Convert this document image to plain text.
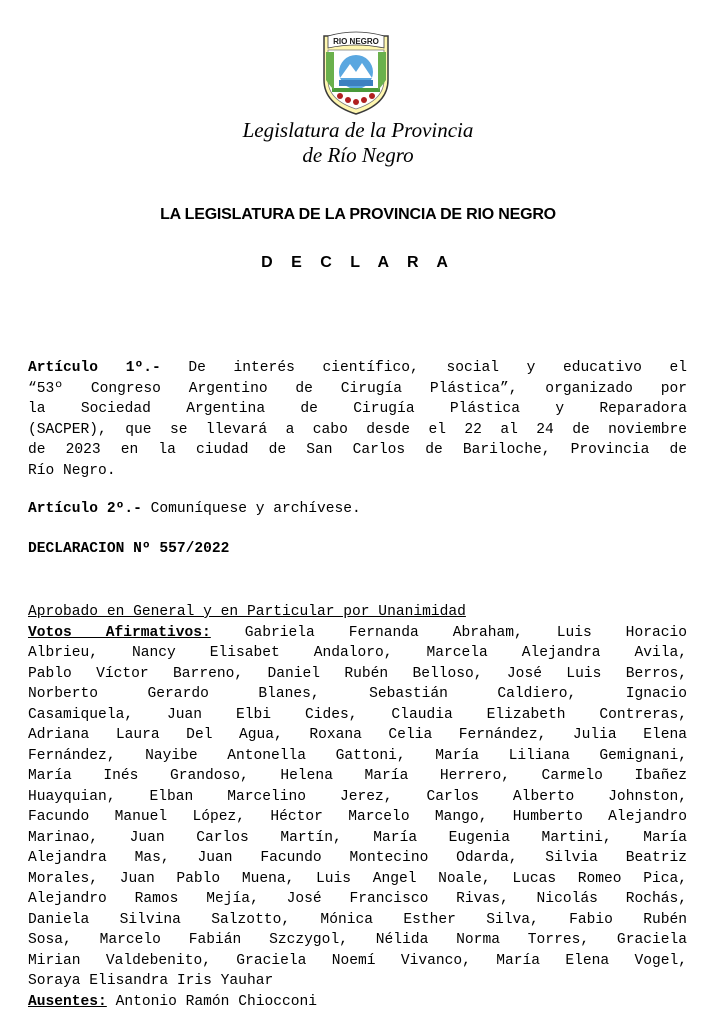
RIO NEGRO
Legislatura de la Provincia
de Río Negro
LA LEGISLATURA DE LA PROVINCIA DE RIO NEGRO
D E C L A R A
Artículo 1º.- De interés científico, social y educativo el
“53º Congreso Argentino de Cirugía Plástica”, organizado por
la Sociedad Argentina de Cirugía Plástica y Reparadora
(SACPER), que se llevará a cabo desde el 22 al 24 de noviembre
de 2023 en la ciudad de San Carlos de Bariloche, Provincia de
Río Negro.
Artículo 2º.- Comuníquese y archívese.
DECLARACION Nº 557/2022
Aprobado en General y en Particular por Unanimidad
Votos Afirmativos: Gabriela Fernanda Abraham, Luis Horacio
Albrieu, Nancy Elisabet Andaloro, Marcela Alejandra Avila,
Pablo Víctor Barreno, Daniel Rubén Belloso, José Luis Berros,
Norberto Gerardo Blanes, Sebastián Caldiero, Ignacio
Casamiquela, Juan Elbi Cides, Claudia Elizabeth Contreras,
Adriana Laura Del Agua, Roxana Celia Fernández, Julia Elena
Fernández, Nayibe Antonella Gattoni, María Liliana Gemignani,
María Inés Grandoso, Helena María Herrero, Carmelo Ibañez
Huayquian, Elban Marcelino Jerez, Carlos Alberto Johnston,
Facundo Manuel López, Héctor Marcelo Mango, Humberto Alejandro
Marinao, Juan Carlos Martín, María Eugenia Martini, María
Alejandra Mas, Juan Facundo Montecino Odarda, Silvia Beatriz
Morales, Juan Pablo Muena, Luis Angel Noale, Lucas Romeo Pica,
Alejandro Ramos Mejía, José Francisco Rivas, Nicolás Rochás,
Daniela Silvina Salzotto, Mónica Esther Silva, Fabio Rubén
Sosa, Marcelo Fabián Szczygol, Nélida Norma Torres, Graciela
Mirian Valdebenito, Graciela Noemí Vivanco, María Elena Vogel,
Soraya Elisandra Iris Yauhar
Ausentes: Antonio Ramón Chiocconi
